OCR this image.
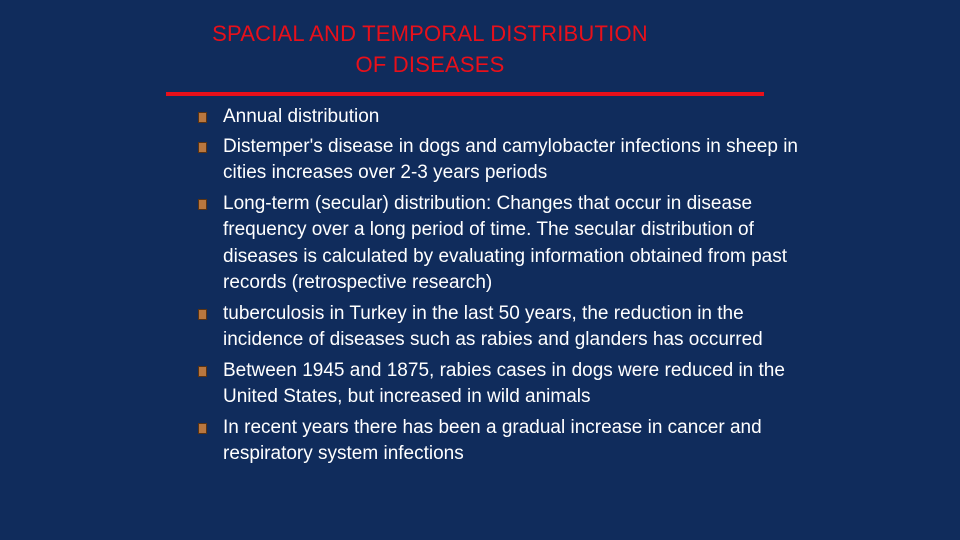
SPACIAL AND TEMPORAL DISTRIBUTION
OF DISEASES
Annual distribution
Distemper's disease in dogs and camylobacter infections in sheep in cities increases over 2-3 years periods
Long-term (secular) distribution: Changes that occur in disease frequency over a long period of time. The secular distribution of diseases is calculated by evaluating information obtained from past records (retrospective research)
tuberculosis in Turkey in the last 50 years, the reduction in the incidence of diseases such as rabies and glanders has occurred
Between 1945 and 1875, rabies cases in dogs were reduced in the United States, but increased in wild animals
In recent years there has been a gradual increase in cancer and respiratory system infections
